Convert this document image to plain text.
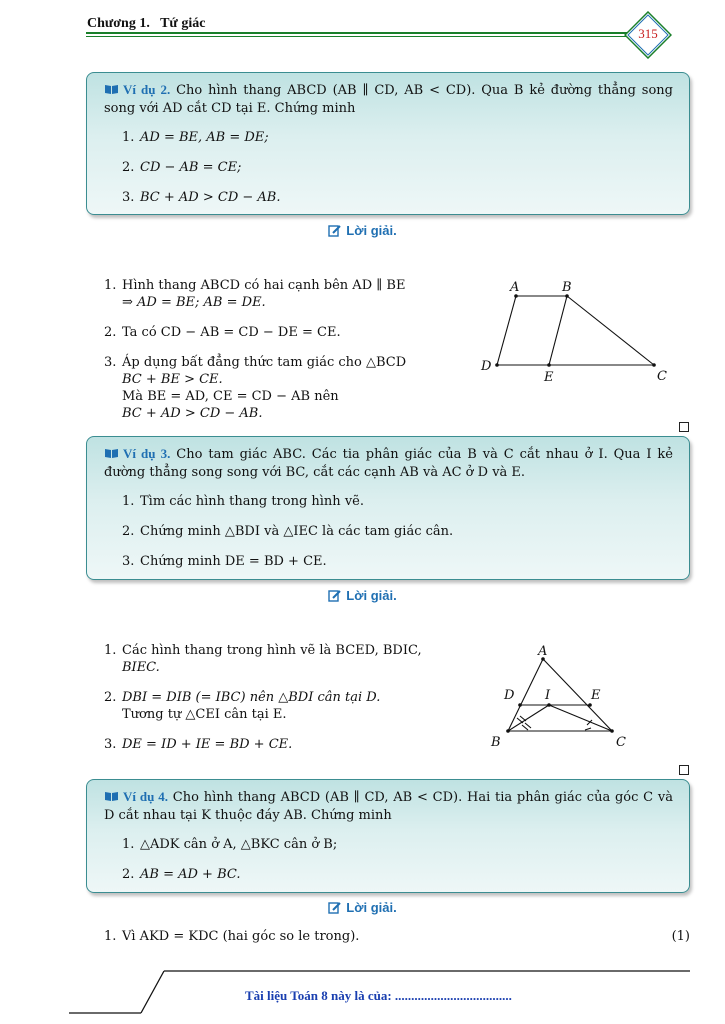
Chương 1. Tứ giác
315
Ví dụ 2. Cho hình thang ABCD (AB ∥ CD, AB < CD). Qua B kẻ đường thẳng song song với AD cắt CD tại E. Chứng minh
1. AD = BE, AB = DE;
2. CD − AB = CE;
3. BC + AD > CD − AB.
Lời giải.
1. Hình thang ABCD có hai cạnh bên AD ∥ BE
⇒ AD = BE; AB = DE.
2. Ta có CD − AB = CD − DE = CE.
3. Áp dụng bất đẳng thức tam giác cho △BCD
BC + BE > CE.
Mà BE = AD, CE = CD − AB nên
BC + AD > CD − AB.
A	B
D
E	C
Ví dụ 3. Cho tam giác ABC. Các tia phân giác của B và C cắt nhau ở I. Qua I kẻ đường thẳng song song với BC, cắt các cạnh AB và AC ở D và E.
1. Tìm các hình thang trong hình vẽ.
2. Chứng minh △BDI và △IEC là các tam giác cân.
3. Chứng minh DE = BD + CE.
Lời giải.
1. Các hình thang trong hình vẽ là BCED, BDIC,
BIEC.
2. DBI = DIB (= IBC) nên △BDI cân tại D.
Tương tự △CEI cân tại E.
3. DE = ID + IE = BD + CE.
A
D I	E
B	C
Ví dụ 4. Cho hình thang ABCD (AB ∥ CD, AB < CD). Hai tia phân giác của góc C và D cắt nhau tại K thuộc đáy AB. Chứng minh
1. △ADK cân ở A, △BKC cân ở B;
2. AB = AD + BC.
Lời giải.
1. Vì AKD = KDC (hai góc so le trong).	(1)
Tài liệu Toán 8 này là của: ....................................
